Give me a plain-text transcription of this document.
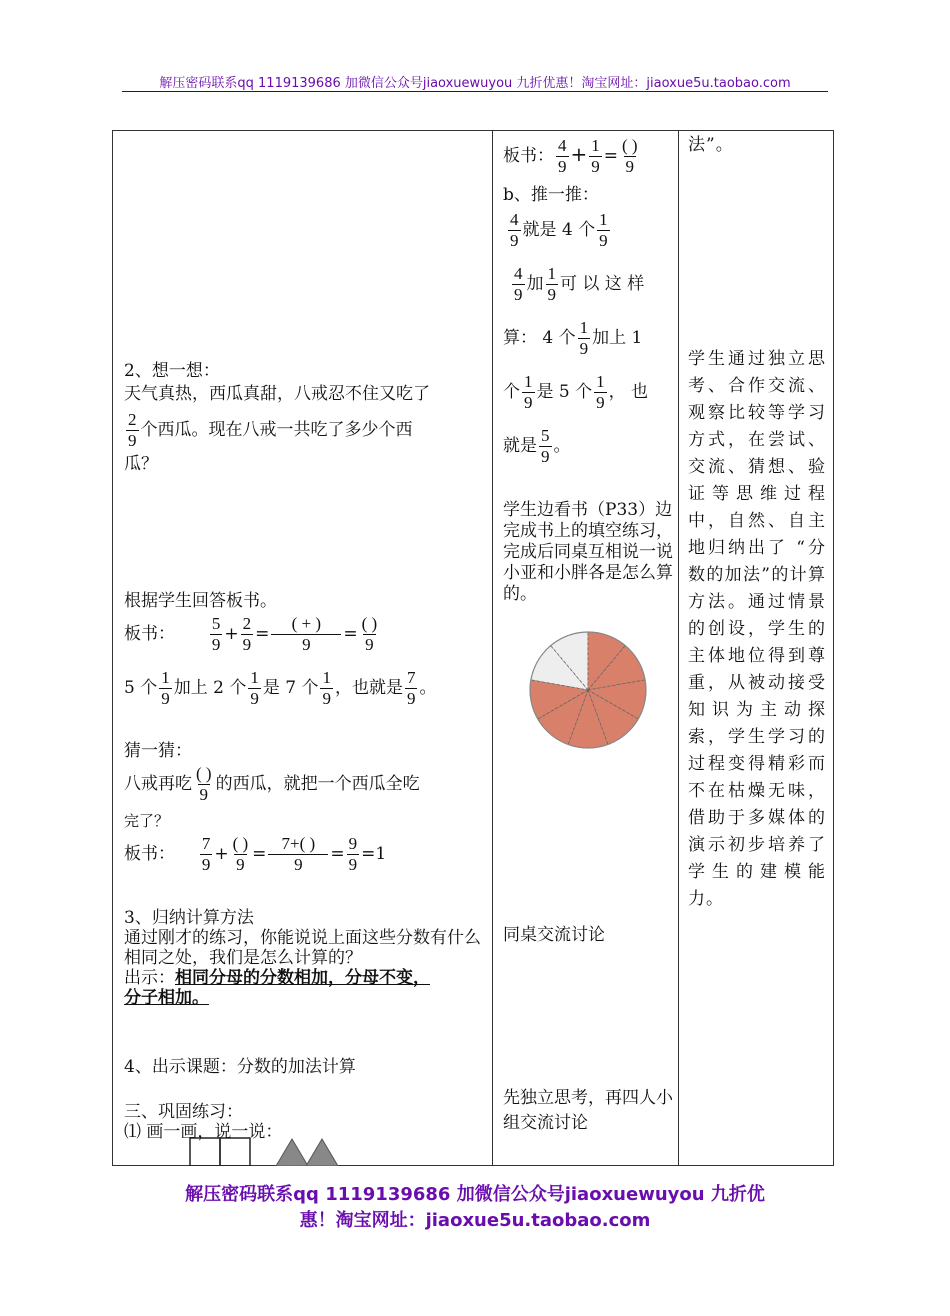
解压密码联系qq 1119139686 加微信公众号jiaoxuewuyou 九折优惠！淘宝网址：jiaoxue5u.taobao.com
2、想一想：
天气真热，西瓜真甜，八戒忍不住又吃了
$\frac{2}{9}$ 个西瓜。现在八戒一共吃了多少个西
瓜？
根据学生回答板书。
板书： $\frac{5}{9} + \frac{2}{9} = \frac{( + )}{9} = \frac{( )}{9}$
5 个 $\frac{1}{9}$ 加上 2 个 $\frac{1}{9}$ 是 7 个 $\frac{1}{9}$ ，也就是 $\frac{7}{9}$ 。
猜一猜：
八戒再吃 $\frac{( )}{9}$ 的西瓜，就把一个西瓜全吃
完了？
板书： $\frac{7}{9} + \frac{( )}{9} = \frac{7+( )}{9} = \frac{9}{9} =1$
3、归纳计算方法
通过刚才的练习，你能说说上面这些分数有什么相同之处，我们是怎么计算的？
出示：相同分母的分数相加，分母不变，
分子相加。
4、出示课题：分数的加法计算
三、巩固练习：
⑴ 画一画，说一说：
板书： $\frac{4}{9} + \frac{1}{9} = \frac{( )}{9}$
b、推一推：
$\frac{4}{9}$ 就是 4 个 $\frac{1}{9}$
$\frac{4}{9}$ 加 $\frac{1}{9}$ 可 以 这 样
算： 4 个 $\frac{1}{9}$ 加上 1
个 $\frac{1}{9}$ 是 5 个 $\frac{1}{9}$ ， 也
就是 $\frac{5}{9}$ 。
学生边看书（P33）边完成书上的填空练习，完成后同桌互相说一说小亚和小胖各是怎么算的。
同桌交流讨论
先独立思考，再四人小组交流讨论
法”。
学生通过独立思考、合作交流、观察比较等学习方式，在尝试、交流、猜想、验证等思维过程中，自然、自主地归纳出了 “分数的加法”的计算方法。通过情景的创设，学生的主体地位得到尊重，从被动接受知识为主动探索，学生学习的过程变得精彩而不在枯燥无味，借助于多媒体的演示初步培养了学生的建模能力。
解压密码联系qq 1119139686 加微信公众号jiaoxuewuyou 九折优
惠！淘宝网址：jiaoxue5u.taobao.com
